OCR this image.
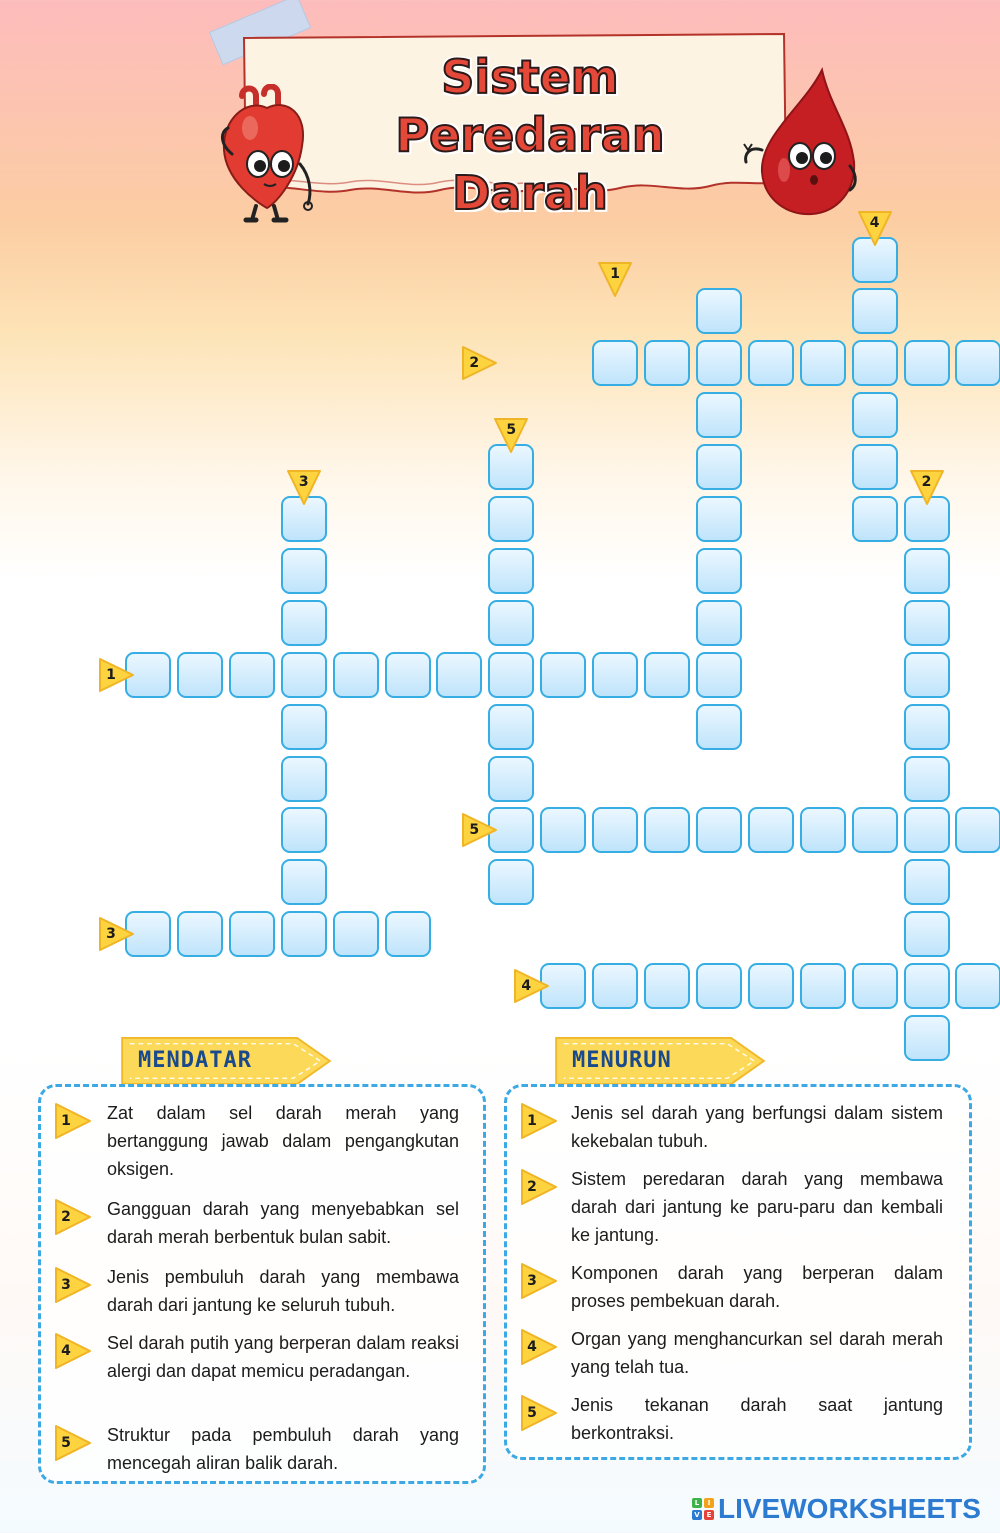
Sistem Peredaran
Darah
4
1
2
5
3	2
1
5
3
4
MENDATAR
1	Zat dalam sel darah merah yang bertanggung jawab dalam pengangkutan oksigen.
2	Gangguan darah yang menyebabkan sel darah merah berbentuk bulan sabit.
3	Jenis pembuluh darah yang membawa darah dari jantung ke seluruh tubuh.
4	Sel darah putih yang berperan dalam reaksi alergi dan dapat memicu peradangan.
5	Struktur pada pembuluh darah yang mencegah aliran balik darah.
MENURUN
1	Jenis sel darah yang berfungsi dalam sistem kekebalan tubuh.
2	Sistem peredaran darah yang membawa darah dari jantung ke paru-paru dan kembali ke jantung.
3	Komponen darah yang berperan dalam proses pembekuan darah.
4	Organ yang menghancurkan sel darah merah yang telah tua.
5	Jenis tekanan darah saat jantung berkontraksi.
L	I
V E LIVEWORKSHEETS
